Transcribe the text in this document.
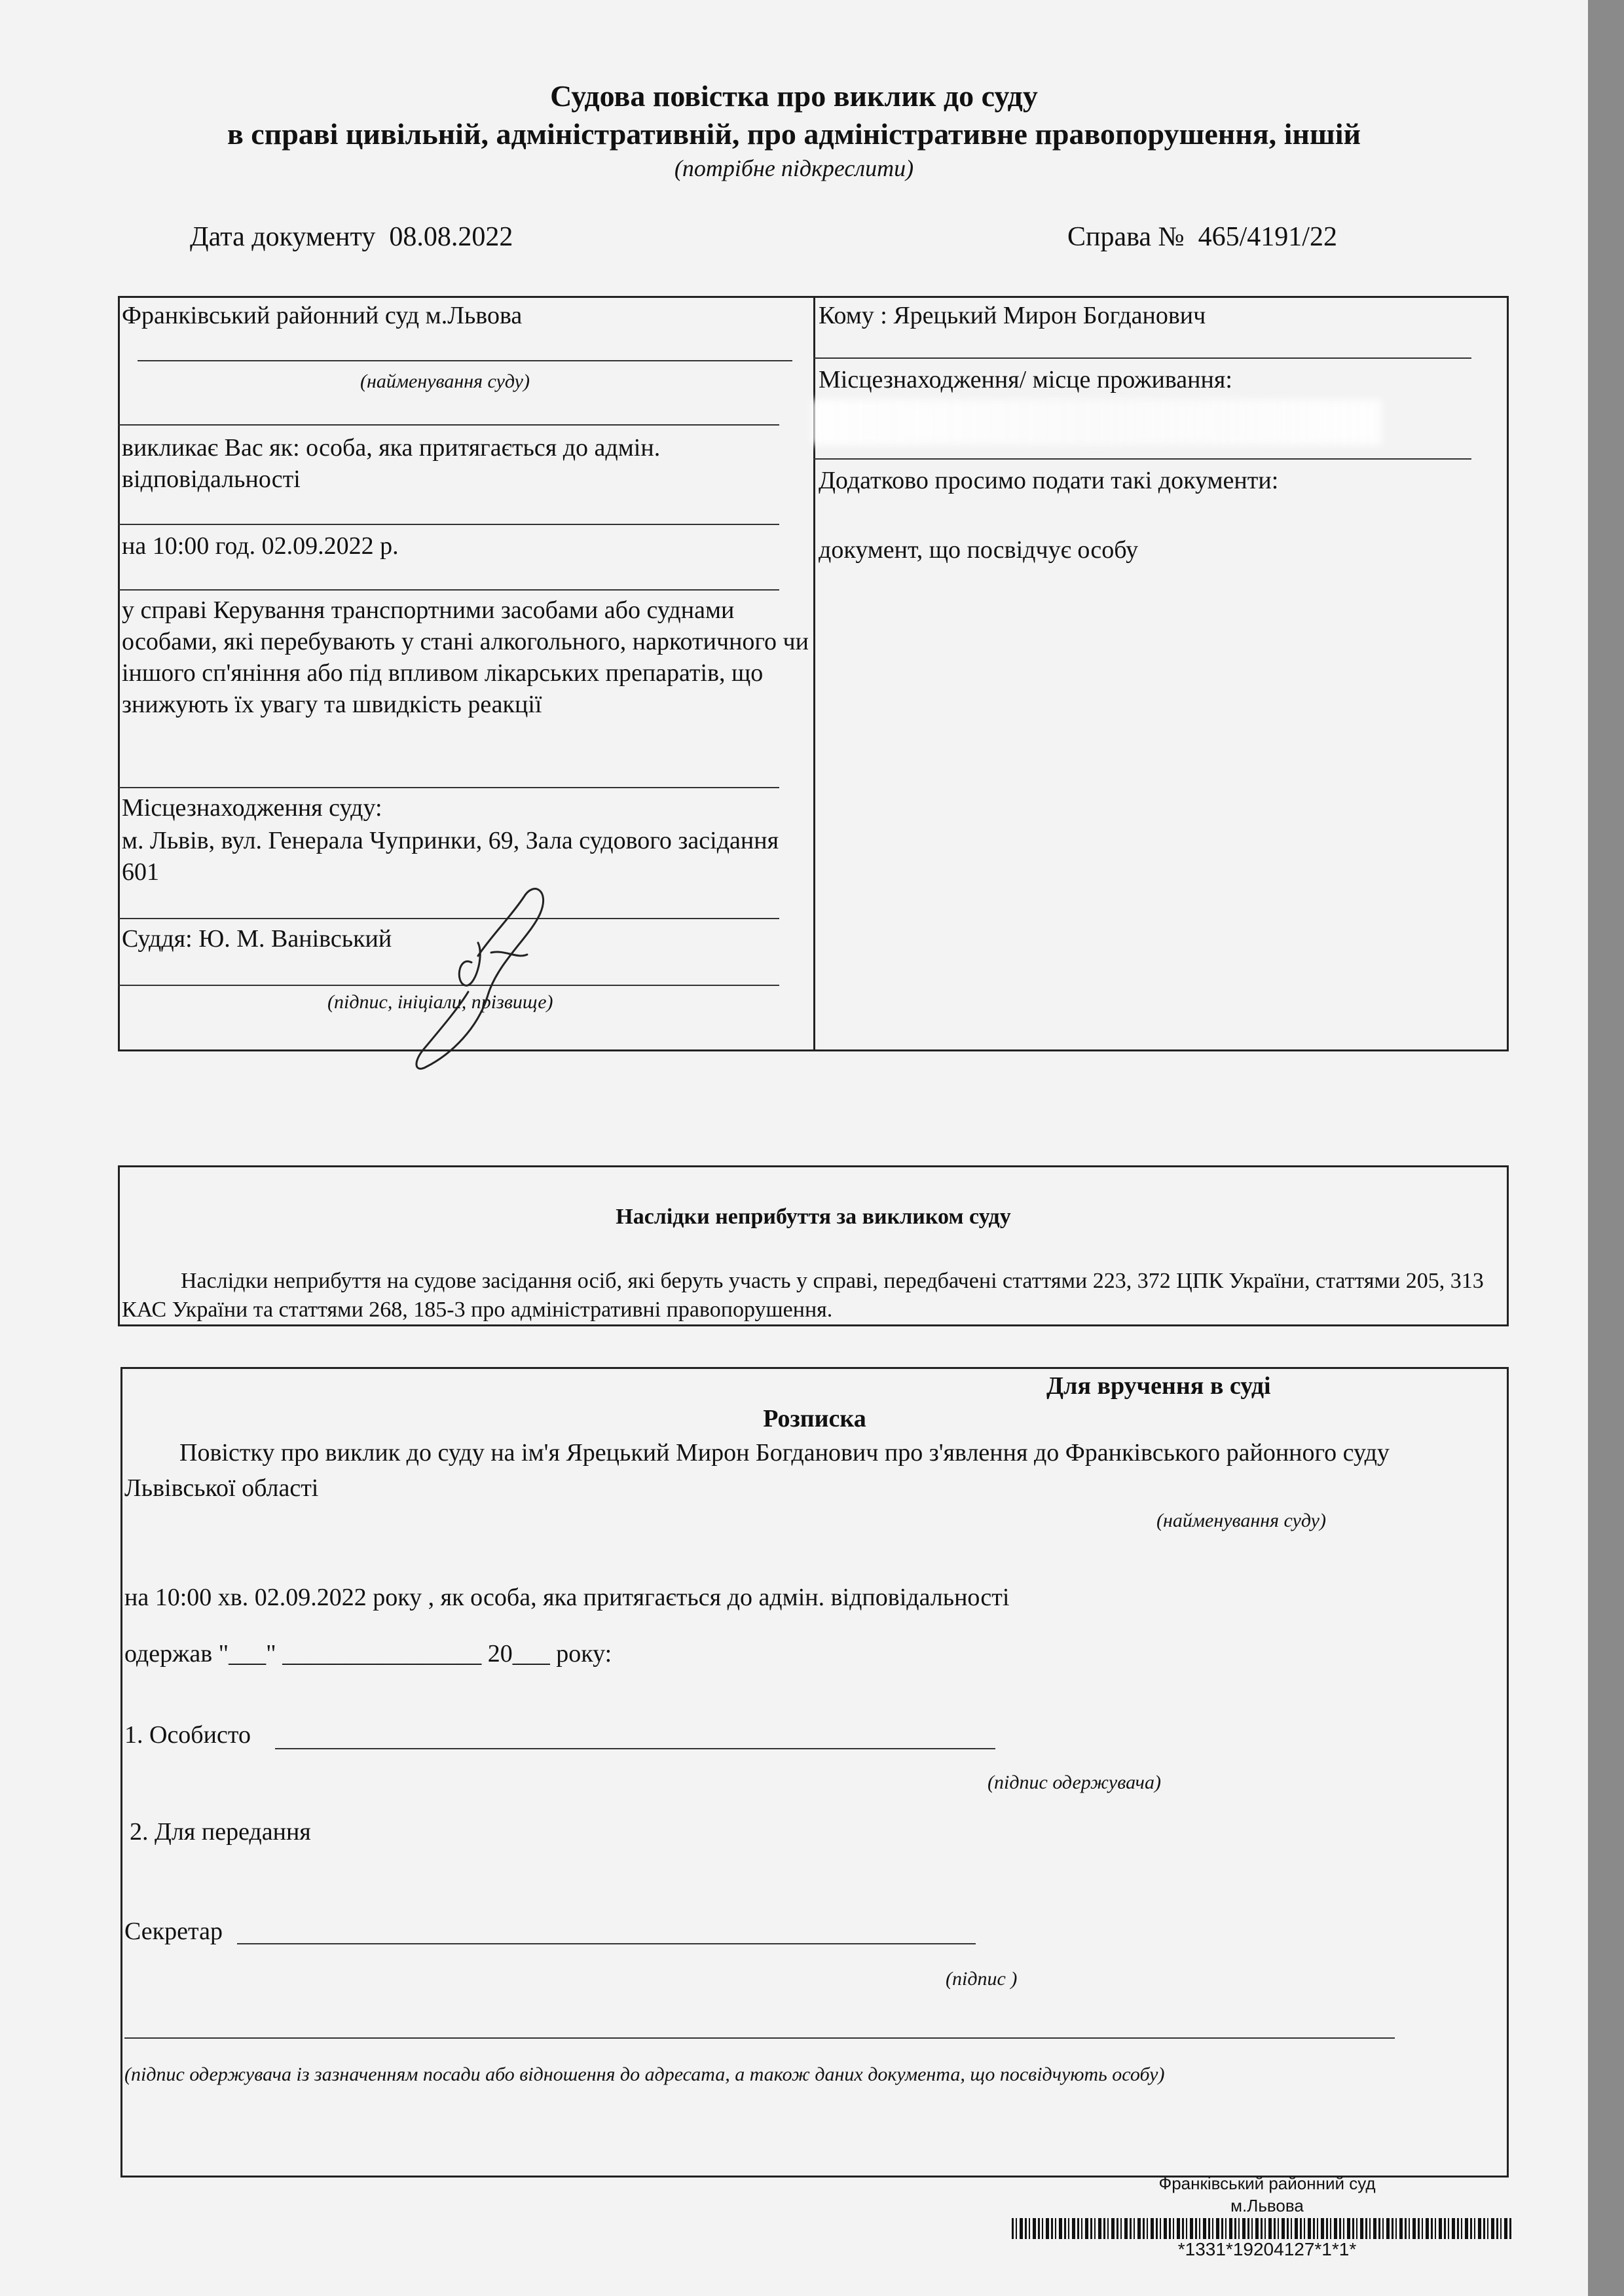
Судова повістка про виклик до суду
в справі цивільній, адміністративній, про адміністративне правопорушення, іншій
(потрібне підкреслити)
Дата документу 08.08.2022	Справа № 465/4191/22
Франківський районний суд м.Львова
(найменування суду)
викликає Вас як: особа, яка притягається до адмін. відповідальності
на 10:00 год. 02.09.2022 р.
у справі Керування транспортними засобами або суднами особами, які перебувають у стані алкогольного, наркотичного чи іншого сп'яніння або під впливом лікарських препаратів, що знижують їх увагу та швидкість реакції
Місцезнаходження суду:
м. Львів, вул. Генерала Чупринки, 69, Зала судового засідання 601
Суддя: Ю. М. Ванівський
(підпис, ініціали, прізвище)
Кому : Ярецький Мирон Богданович
Місцезнаходження/ місце проживання:
Додатково просимо подати такі документи:
документ, що посвідчує особу
Наслідки неприбуття за викликом суду
Наслідки неприбуття на судове засідання осіб, які беруть участь у справі, передбачені статтями 223, 372 ЦПК України, статтями 205, 313 КАС України та статтями 268, 185-3 про адміністративні правопорушення.
Для вручення в суді
Розписка
Повістку про виклик до суду на ім'я Ярецький Мирон Богданович про з'явлення до Франківського районного суду Львівської області
(найменування суду)
на 10:00 хв. 02.09.2022 року , як особа, яка притягається до адмін. відповідальності
одержав "___" ________________ 20___ року:
1. Особисто
(підпис одержувача)
2. Для передання
Секретар
(підпис )
(підпис одержувача із зазначенням посади або відношення до адресата, а також даних документа, що посвідчують особу)
Франківський районний суд
м.Львова
*1331*19204127*1*1*
